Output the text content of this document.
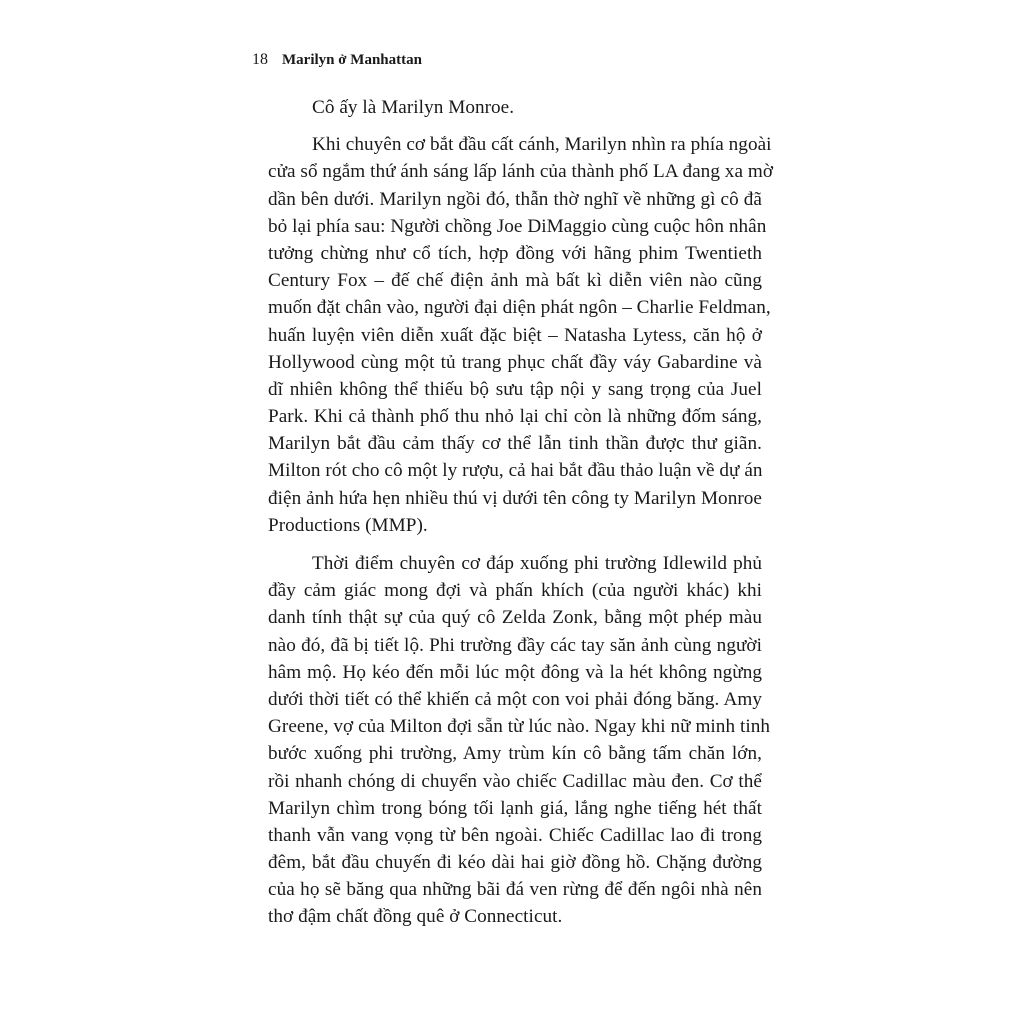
18 Marilyn ở Manhattan
Cô ấy là Marilyn Monroe.
Khi chuyên cơ bắt đầu cất cánh, Marilyn nhìn ra phía ngoài
cửa sổ ngắm thứ ánh sáng lấp lánh của thành phố LA đang xa mờ
dần bên dưới. Marilyn ngồi đó, thẫn thờ nghĩ về những gì cô đã
bỏ lại phía sau: Người chồng Joe DiMaggio cùng cuộc hôn nhân
tưởng chừng như cổ tích, hợp đồng với hãng phim Twentieth
Century Fox – đế chế điện ảnh mà bất kì diễn viên nào cũng
muốn đặt chân vào, người đại diện phát ngôn – Charlie Feldman,
huấn luyện viên diễn xuất đặc biệt – Natasha Lytess, căn hộ ở
Hollywood cùng một tủ trang phục chất đầy váy Gabardine và
dĩ nhiên không thể thiếu bộ sưu tập nội y sang trọng của Juel
Park. Khi cả thành phố thu nhỏ lại chỉ còn là những đốm sáng,
Marilyn bắt đầu cảm thấy cơ thể lẫn tinh thần được thư giãn.
Milton rót cho cô một ly rượu, cả hai bắt đầu thảo luận về dự án
điện ảnh hứa hẹn nhiều thú vị dưới tên công ty Marilyn Monroe
Productions (MMP).
Thời điểm chuyên cơ đáp xuống phi trường Idlewild phủ
đầy cảm giác mong đợi và phấn khích (của người khác) khi
danh tính thật sự của quý cô Zelda Zonk, bằng một phép màu
nào đó, đã bị tiết lộ. Phi trường đầy các tay săn ảnh cùng người
hâm mộ. Họ kéo đến mỗi lúc một đông và la hét không ngừng
dưới thời tiết có thể khiến cả một con voi phải đóng băng. Amy
Greene, vợ của Milton đợi sẵn từ lúc nào. Ngay khi nữ minh tinh
bước xuống phi trường, Amy trùm kín cô bằng tấm chăn lớn,
rồi nhanh chóng di chuyển vào chiếc Cadillac màu đen. Cơ thể
Marilyn chìm trong bóng tối lạnh giá, lắng nghe tiếng hét thất
thanh vẫn vang vọng từ bên ngoài. Chiếc Cadillac lao đi trong
đêm, bắt đầu chuyến đi kéo dài hai giờ đồng hồ. Chặng đường
của họ sẽ băng qua những bãi đá ven rừng để đến ngôi nhà nên
thơ đậm chất đồng quê ở Connecticut.
